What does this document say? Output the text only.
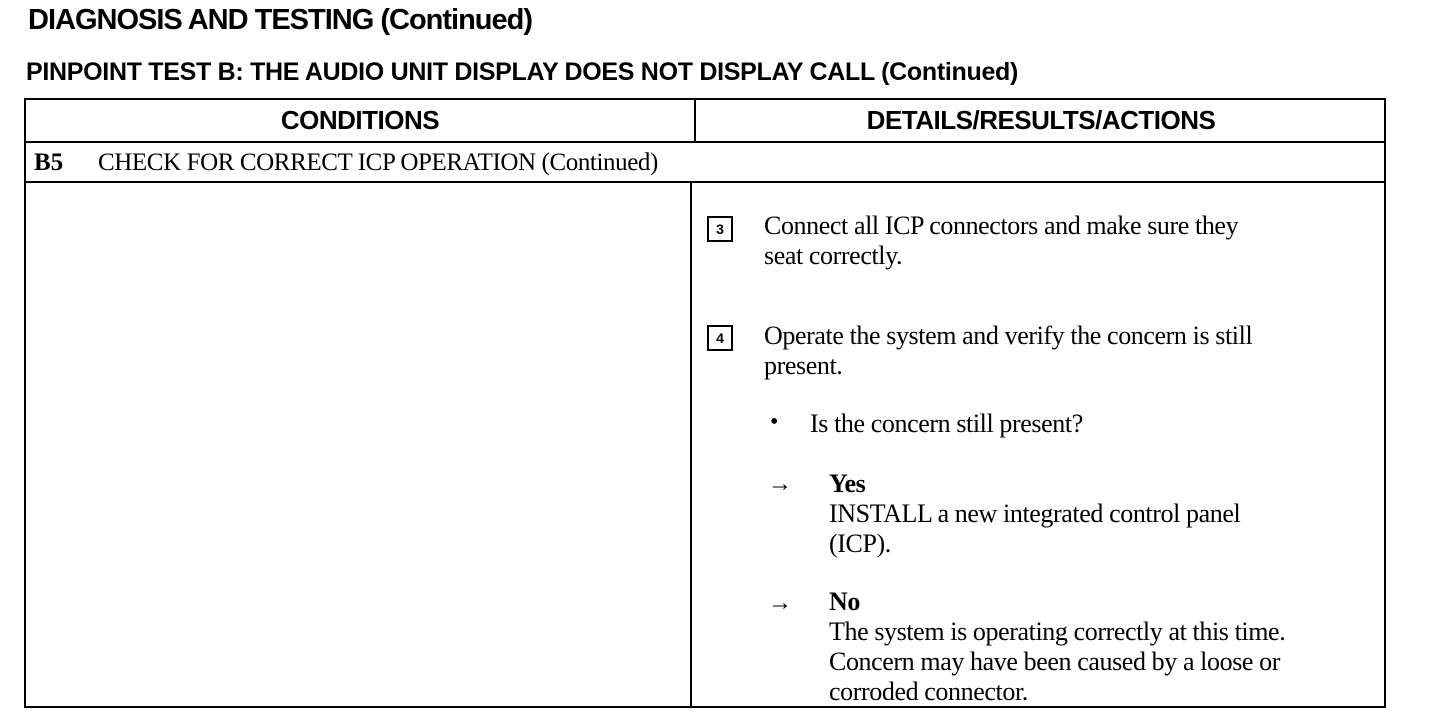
DIAGNOSIS AND TESTING (Continued)
PINPOINT TEST B: THE AUDIO UNIT DISPLAY DOES NOT DISPLAY CALL (Continued)
CONDITIONS	DETAILS/RESULTS/ACTIONS
B5 CHECK FOR CORRECT ICP OPERATION (Continued)
3	Connect all ICP connectors and make sure they
seat correctly.
4	Operate the system and verify the concern is still
present.
• Is the concern still present?
→ Yes
INSTALL a new integrated control panel
(ICP).
→ No
The system is operating correctly at this time.
Concern may have been caused by a loose or
corroded connector.
